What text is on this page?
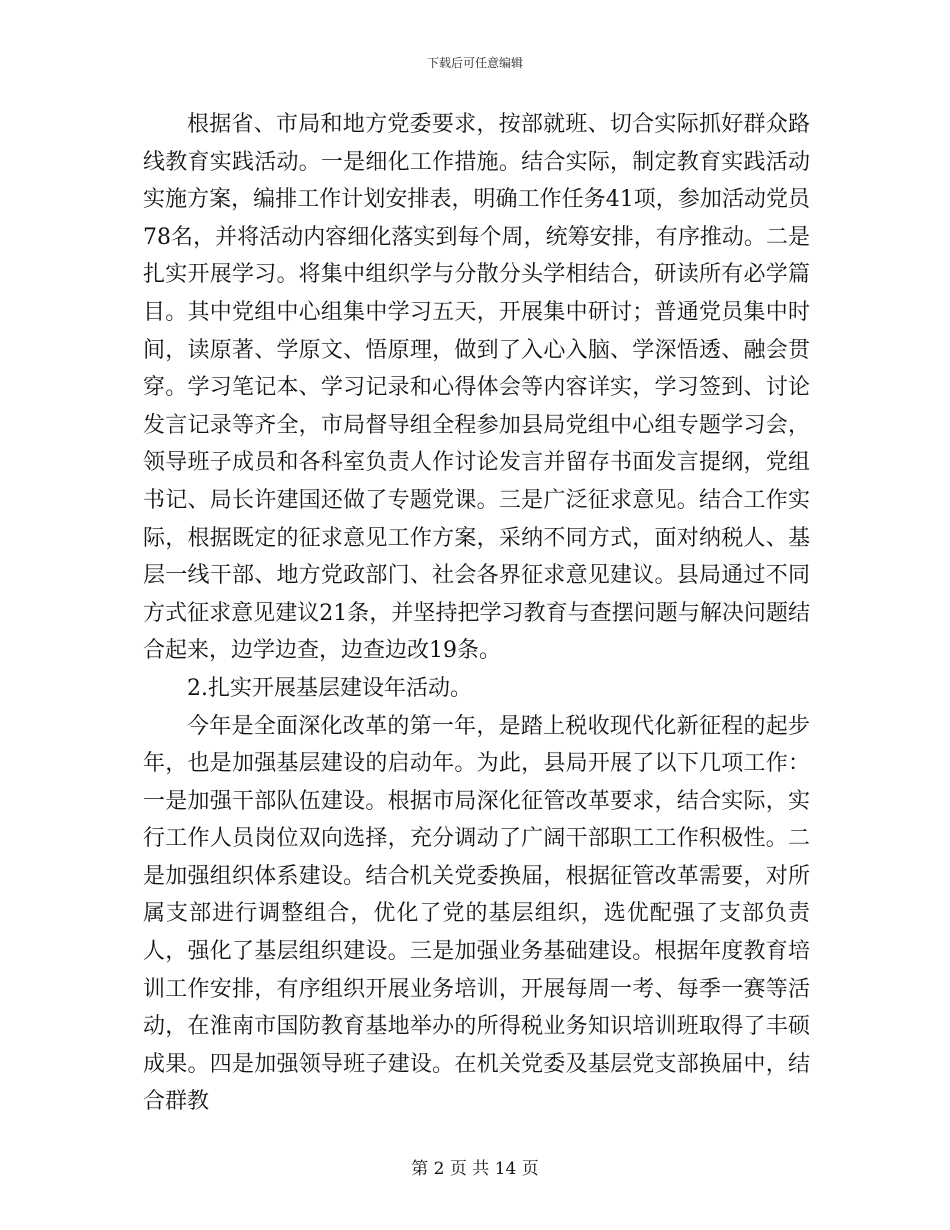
下载后可任意编辑

根据省、市局和地方党委要求，按部就班、切合实际抓好群众路线教育实践活动。一是细化工作措施。结合实际，制定教育实践活动实施方案，编排工作计划安排表，明确工作任务41项，参加活动党员78名，并将活动内容细化落实到每个周，统筹安排，有序推动。二是扎实开展学习。将集中组织学与分散分头学相结合，研读所有必学篇目。其中党组中心组集中学习五天，开展集中研讨；普通党员集中时间，读原著、学原文、悟原理，做到了入心入脑、学深悟透、融会贯穿。学习笔记本、学习记录和心得体会等内容详实，学习签到、讨论发言记录等齐全，市局督导组全程参加县局党组中心组专题学习会，领导班子成员和各科室负责人作讨论发言并留存书面发言提纲，党组书记、局长许建国还做了专题党课。三是广泛征求意见。结合工作实际，根据既定的征求意见工作方案，采纳不同方式，面对纳税人、基层一线干部、地方党政部门、社会各界征求意见建议。县局通过不同方式征求意见建议21条，并坚持把学习教育与查摆问题与解决问题结合起来，边学边查，边查边改19条。

2.扎实开展基层建设年活动。

今年是全面深化改革的第一年，是踏上税收现代化新征程的起步年，也是加强基层建设的启动年。为此，县局开展了以下几项工作：一是加强干部队伍建设。根据市局深化征管改革要求，结合实际，实行工作人员岗位双向选择，充分调动了广阔干部职工工作积极性。二是加强组织体系建设。结合机关党委换届，根据征管改革需要，对所属支部进行调整组合，优化了党的基层组织，选优配强了支部负责人，强化了基层组织建设。三是加强业务基础建设。根据年度教育培训工作安排，有序组织开展业务培训，开展每周一考、每季一赛等活动，在淮南市国防教育基地举办的所得税业务知识培训班取得了丰硕成果。四是加强领导班子建设。在机关党委及基层党支部换届中，结合群教

第 2 页 共 14 页
